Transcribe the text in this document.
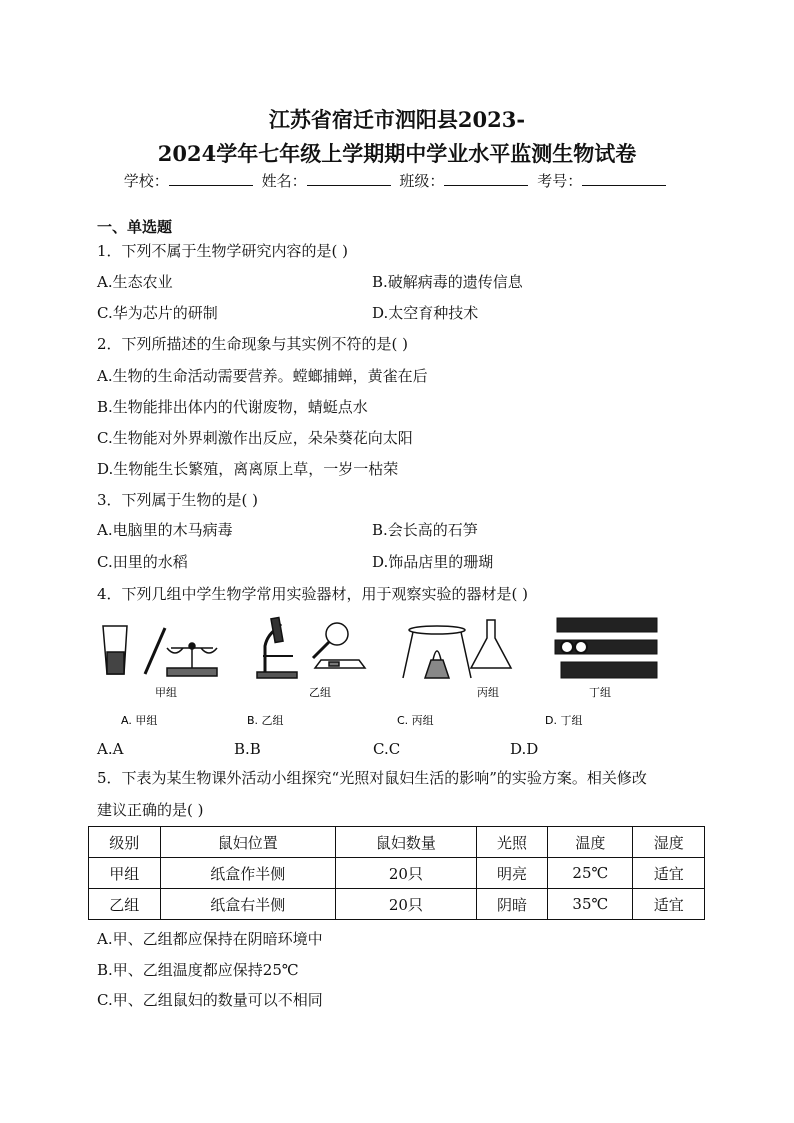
江苏省宿迁市泗阳县2023-
2024学年七年级上学期期中学业水平监测生物试卷
学校：	姓名：	班级：	考号：
一、单选题
1．下列不属于生物学研究内容的是( )
A.生态农业	B.破解病毒的遗传信息
C.华为芯片的研制	D.太空育种技术
2．下列所描述的生命现象与其实例不符的是( )
A.生物的生命活动需要营养。螳螂捕蝉，黄雀在后
B.生物能排出体内的代谢废物，蜻蜓点水
C.生物能对外界刺激作出反应，朵朵葵花向太阳
D.生物能生长繁殖，离离原上草，一岁一枯荣
3．下列属于生物的是( )
A.电脑里的木马病毒	B.会长高的石笋
C.田里的水稻	D.饰品店里的珊瑚
4．下列几组中学生物学常用实验器材，用于观察实验的器材是( )
甲组	乙组	丙组	丁组
A. 甲组	B. 乙组	C. 丙组	D. 丁组
A.A	B.B	C.C	D.D
5．下表为某生物课外活动小组探究“光照对鼠妇生活的影响”的实验方案。相关修改
建议正确的是( )
级别	鼠妇位置	鼠妇数量	光照	温度	湿度
甲组	纸盒作半侧	20只	明亮	25℃	适宜
乙组	纸盒右半侧	20只	阴暗	35℃	适宜
A.甲、乙组都应保持在阴暗环境中
B.甲、乙组温度都应保持25℃
C.甲、乙组鼠妇的数量可以不相同
